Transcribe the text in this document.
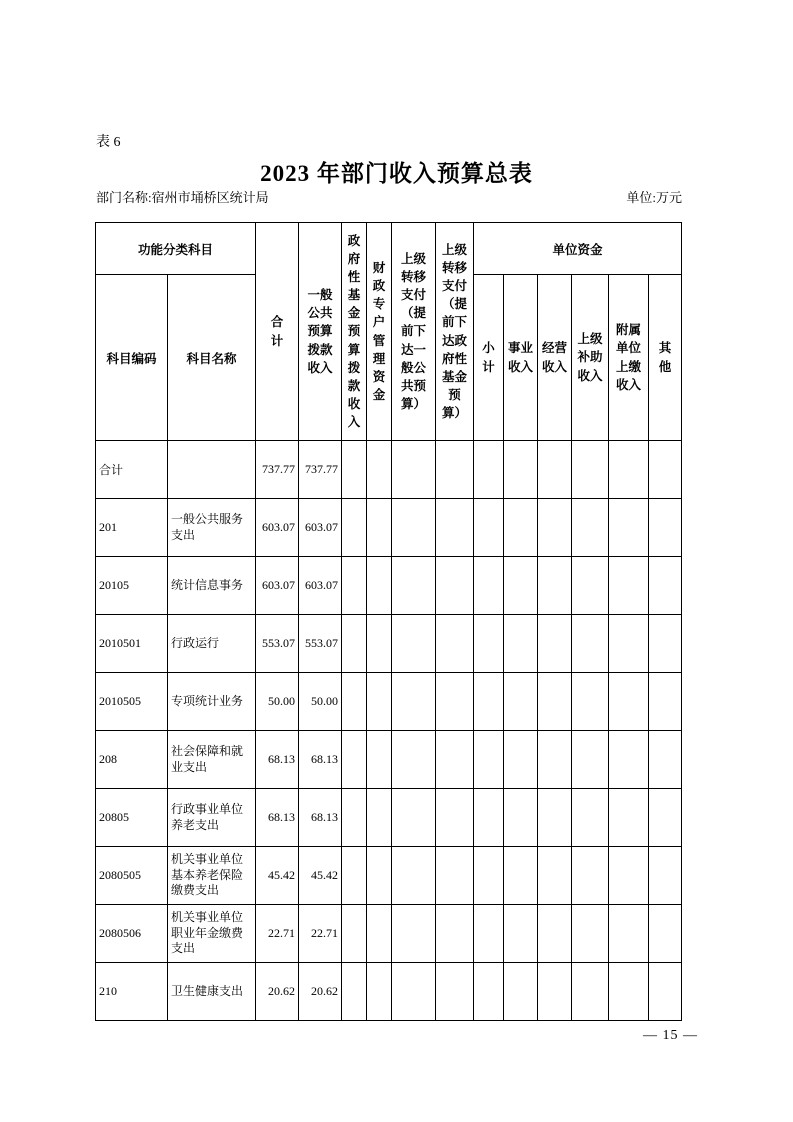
表 6
2023 年部门收入预算总表
部门名称:宿州市埇桥区统计局	单位:万元
功能分类科目		合计	一般公共预算拨款收入	政府性基金预算拨款收入	财政专户管理资金	上级转移支付（提前下达一般公共预算）	上级转移支付（提前下达政府性基金预算）	单位资金					
科目编码	科目名称							小计	事业收入	经营收入	上级补助收入	附属单位上缴收入	其他
合计		737.77	737.77										
201	一般公共服务支出	603.07	603.07										
20105	统计信息事务	603.07	603.07										
2010501	行政运行	553.07	553.07										
2010505	专项统计业务	50.00	50.00										
208	社会保障和就业支出	68.13	68.13										
20805	行政事业单位养老支出	68.13	68.13										
2080505	机关事业单位基本养老保险缴费支出	45.42	45.42										
2080506	机关事业单位职业年金缴费支出	22.71	22.71										
210	卫生健康支出	20.62	20.62										
— 15 —
